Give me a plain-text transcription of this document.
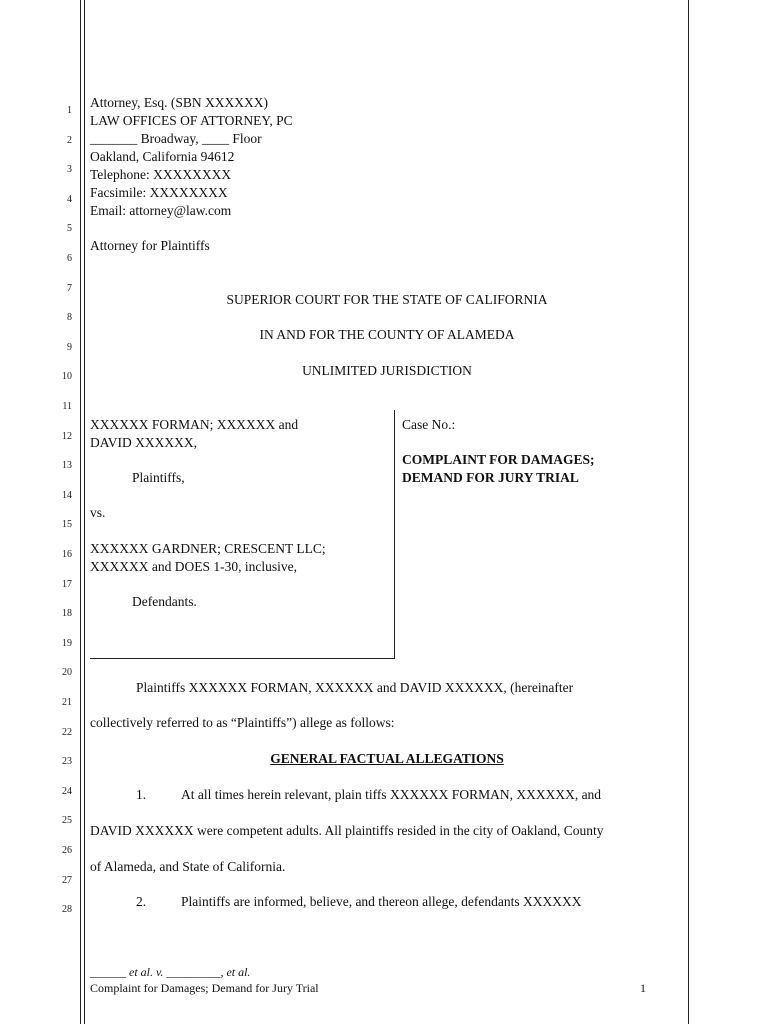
1
2
3
4
5
6
7
8
9
10
11
12
13
14
15
16
17
18
19
20
21
22
23
24
25
26
27
28
Attorney, Esq. (SBN XXXXXX)
LAW OFFICES OF ATTORNEY, PC
_______ Broadway, ____ Floor
Oakland, California 94612
Telephone: XXXXXXXX
Facsimile: XXXXXXXX
Email: attorney@law.com
Attorney for Plaintiffs
SUPERIOR COURT FOR THE STATE OF CALIFORNIA
IN AND FOR THE COUNTY OF ALAMEDA
UNLIMITED JURISDICTION
XXXXXX FORMAN; XXXXXX and
DAVID XXXXXX,
Plaintiffs,
vs.
XXXXXX GARDNER; CRESCENT LLC;
XXXXXX and DOES 1-30, inclusive,
Defendants.
Case No.:
COMPLAINT FOR DAMAGES;
DEMAND FOR JURY TRIAL
Plaintiffs XXXXXX FORMAN, XXXXXX and DAVID XXXXXX, (hereinafter
collectively referred to as “Plaintiffs”) allege as follows:
GENERAL FACTUAL ALLEGATIONS
1.	At all times herein relevant, plain tiffs XXXXXX FORMAN, XXXXXX, and
DAVID XXXXXX were competent adults. All plaintiffs resided in the city of Oakland, County
of Alameda, and State of California.
2.	Plaintiffs are informed, believe, and thereon allege, defendants XXXXXX
______ et al. v. _________, et al.
Complaint for Damages; Demand for Jury Trial	1
